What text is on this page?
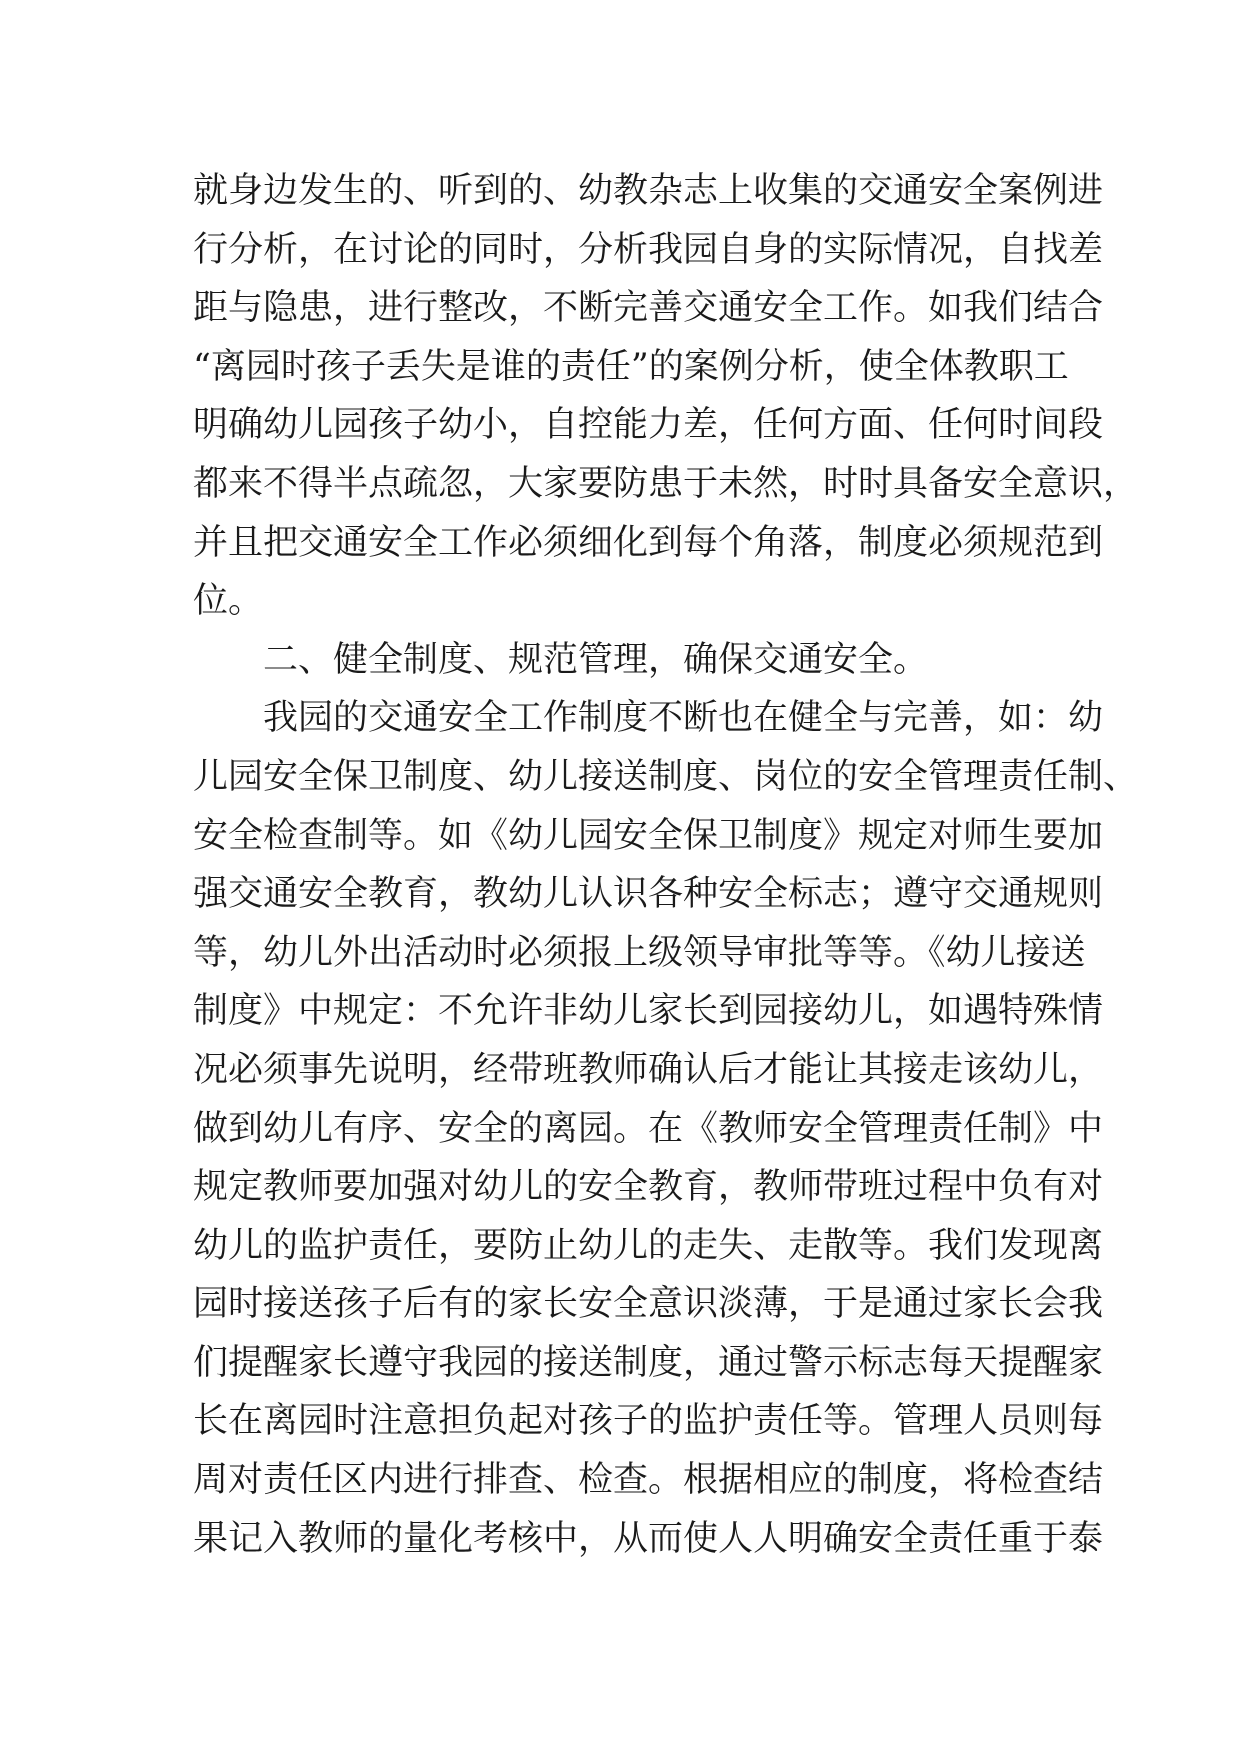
就身边发生的、听到的、幼教杂志上收集的交通安全案例进
行分析，在讨论的同时，分析我园自身的实际情况，自找差
距与隐患，进行整改，不断完善交通安全工作。如我们结合
“离园时孩子丢失是谁的责任”的案例分析，使全体教职工
明确幼儿园孩子幼小，自控能力差，任何方面、任何时间段
都来不得半点疏忽，大家要防患于未然，时时具备安全意识，
并且把交通安全工作必须细化到每个角落，制度必须规范到
位。
　　二、健全制度、规范管理，确保交通安全。
　　我园的交通安全工作制度不断也在健全与完善，如：幼
儿园安全保卫制度、幼儿接送制度、岗位的安全管理责任制、
安全检查制等。如《幼儿园安全保卫制度》规定对师生要加
强交通安全教育，教幼儿认识各种安全标志；遵守交通规则
等，幼儿外出活动时必须报上级领导审批等等。《幼儿接送
制度》中规定：不允许非幼儿家长到园接幼儿，如遇特殊情
况必须事先说明，经带班教师确认后才能让其接走该幼儿，
做到幼儿有序、安全的离园。在《教师安全管理责任制》中
规定教师要加强对幼儿的安全教育，教师带班过程中负有对
幼儿的监护责任，要防止幼儿的走失、走散等。我们发现离
园时接送孩子后有的家长安全意识淡薄，于是通过家长会我
们提醒家长遵守我园的接送制度，通过警示标志每天提醒家
长在离园时注意担负起对孩子的监护责任等。管理人员则每
周对责任区内进行排查、检查。根据相应的制度，将检查结
果记入教师的量化考核中，从而使人人明确安全责任重于泰
